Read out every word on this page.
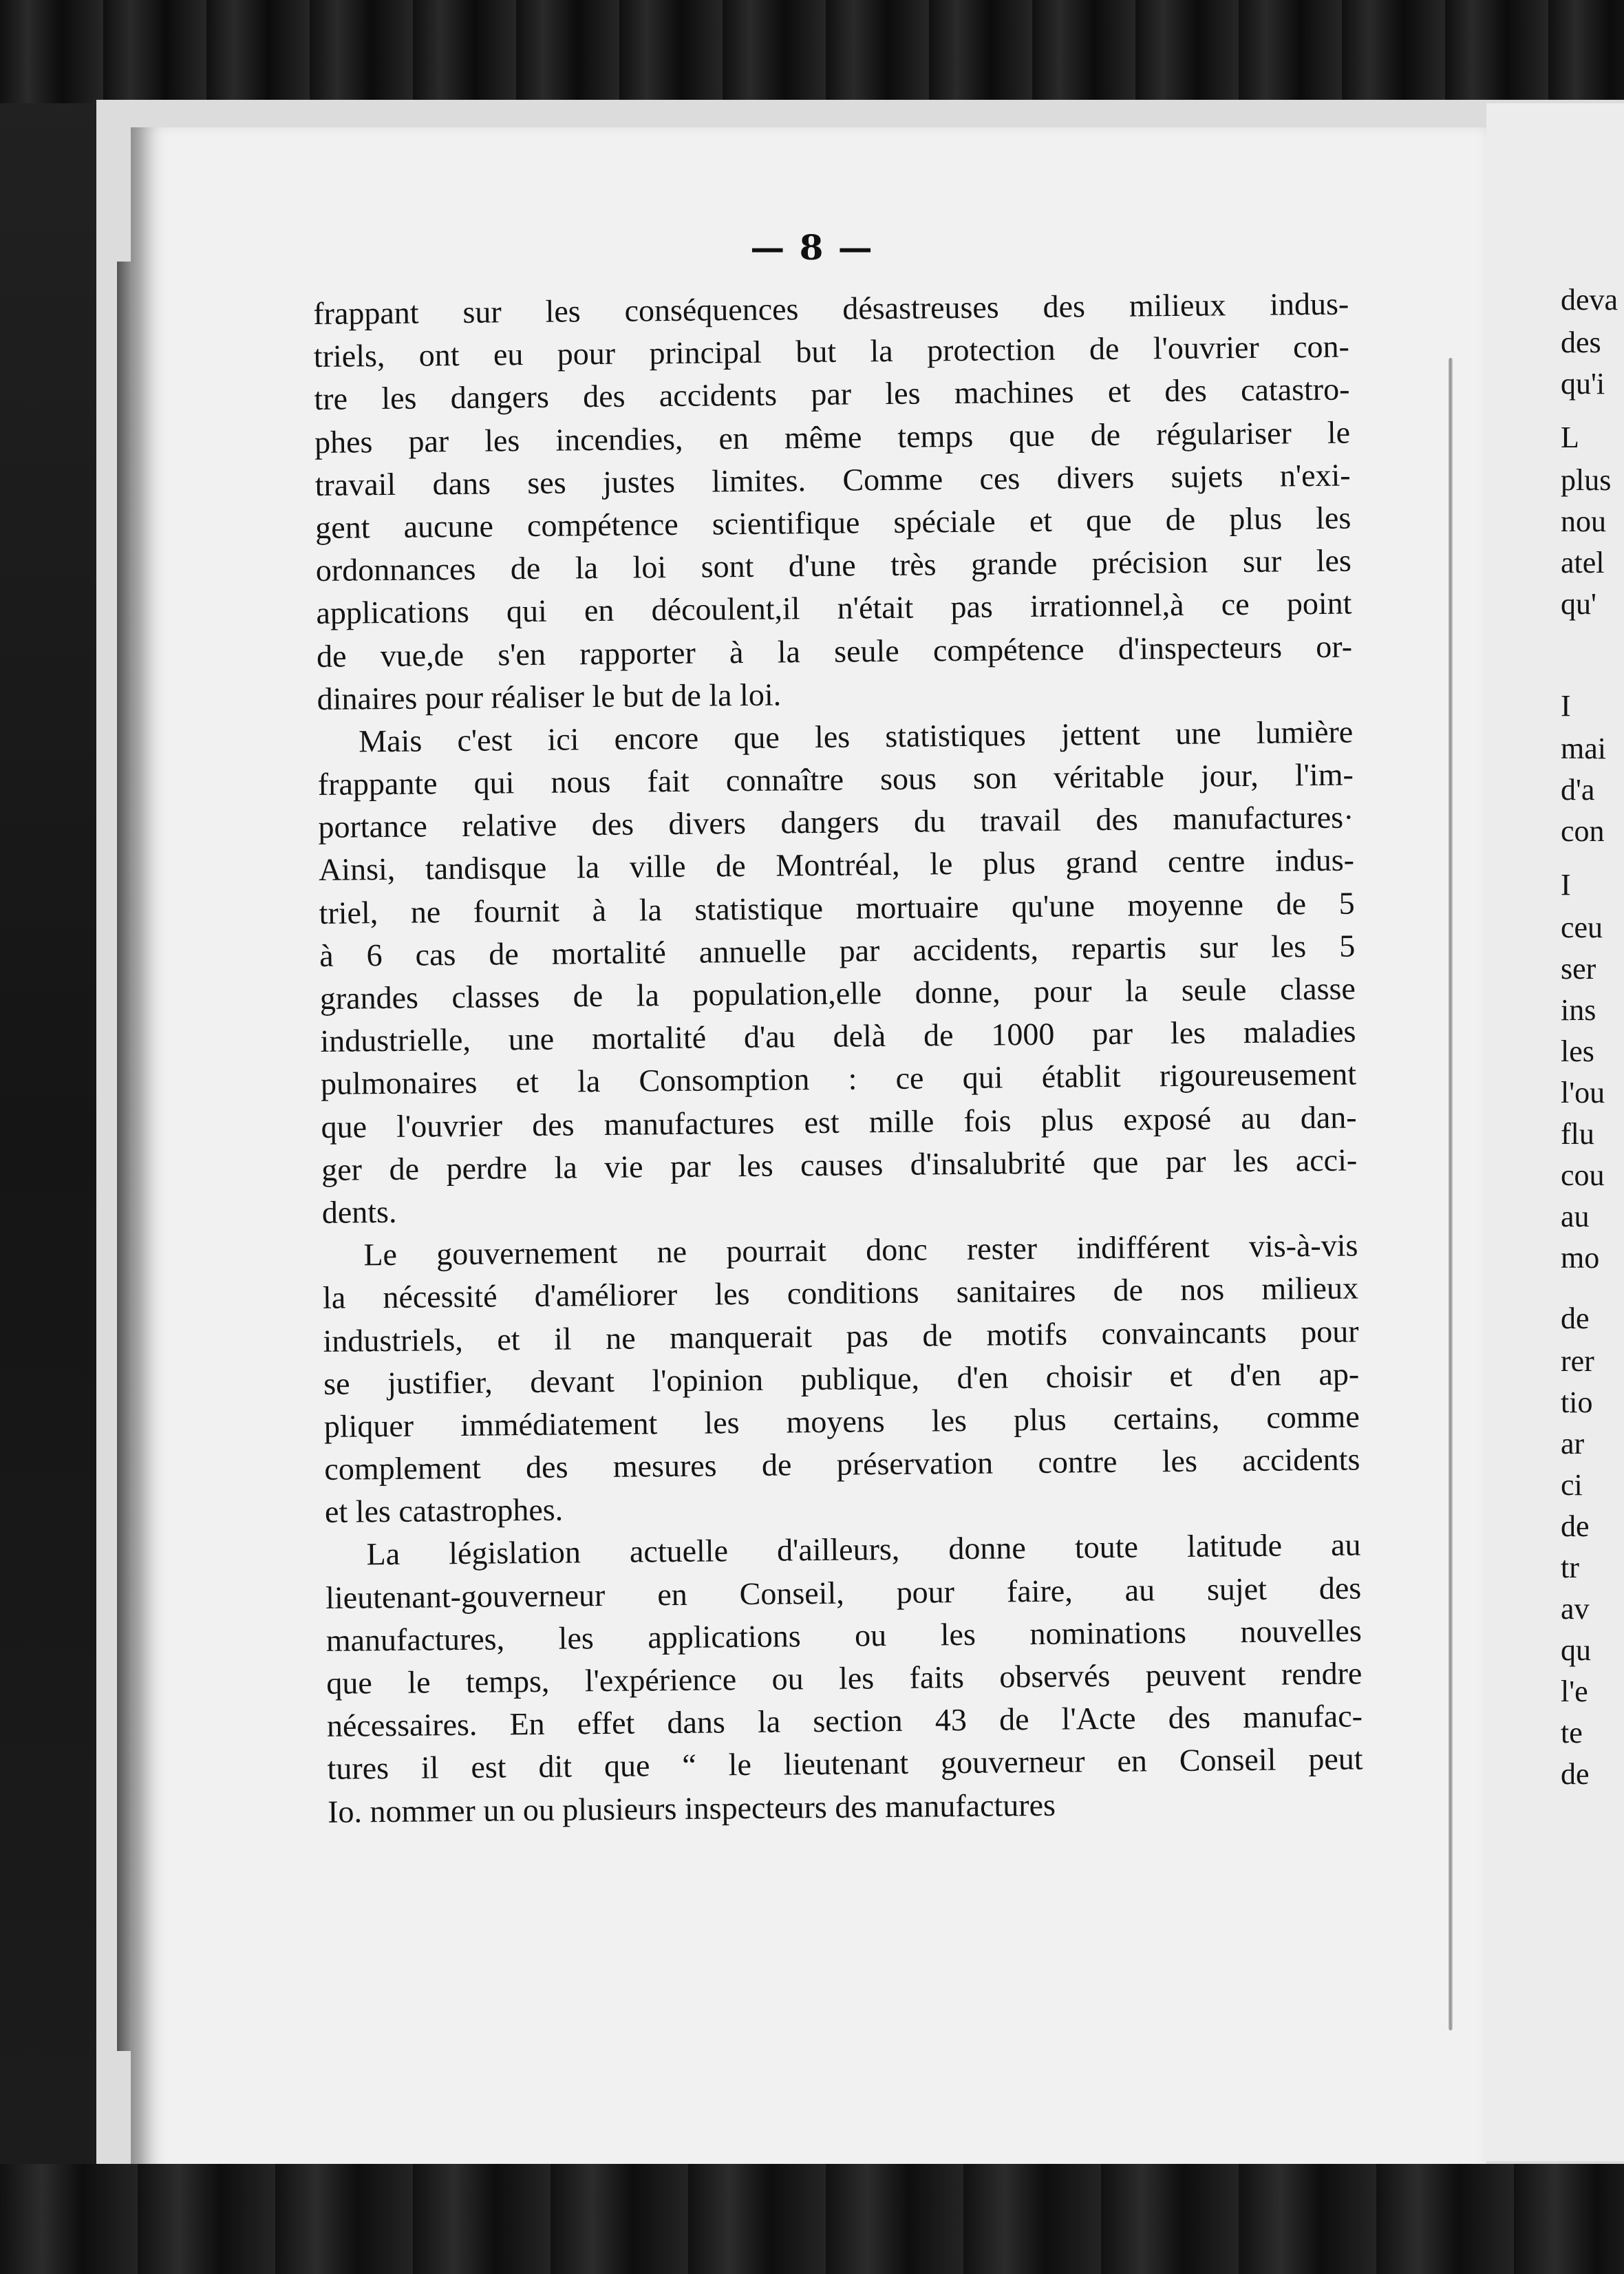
— 8 —
frappant sur les conséquences désastreuses des milieux indus-
triels, ont eu pour principal but la protection de l'ouvrier con-
tre les dangers des accidents par les machines et des catastro-
phes par les incendies, en même temps que de régulariser le
travail dans ses justes limites. Comme ces divers sujets n'exi-
gent aucune compétence scientifique spéciale et que de plus les
ordonnances de la loi sont d'une très grande précision sur les
applications qui en découlent,il n'était pas irrationnel,à ce point
de vue,de s'en rapporter à la seule compétence d'inspecteurs or-
dinaires pour réaliser le but de la loi.
Mais c'est ici encore que les statistiques jettent une lumière
frappante qui nous fait connaître sous son véritable jour, l'im-
portance relative des divers dangers du travail des manufactures·
Ainsi, tandisque la ville de Montréal, le plus grand centre indus-
triel, ne fournit à la statistique mortuaire qu'une moyenne de 5
à 6 cas de mortalité annuelle par accidents, repartis sur les 5
grandes classes de la population,elle donne, pour la seule classe
industrielle, une mortalité d'au delà de 1000 par les maladies
pulmonaires et la Consomption : ce qui établit rigoureusement
que l'ouvrier des manufactures est mille fois plus exposé au dan-
ger de perdre la vie par les causes d'insalubrité que par les acci-
dents.
Le gouvernement ne pourrait donc rester indifférent vis-à-vis
la nécessité d'améliorer les conditions sanitaires de nos milieux
industriels, et il ne manquerait pas de motifs convaincants pour
se justifier, devant l'opinion publique, d'en choisir et d'en ap-
pliquer immédiatement les moyens les plus certains, comme
complement des mesures de préservation contre les accidents
et les catastrophes.
La législation actuelle d'ailleurs, donne toute latitude au
lieutenant-gouverneur en Conseil, pour faire, au sujet des
manufactures, les applications ou les nominations nouvelles
que le temps, l'expérience ou les faits observés peuvent rendre
nécessaires. En effet dans la section 43 de l'Acte des manufac-
tures il est dit que “ le lieutenant gouverneur en Conseil peut
Io. nommer un ou plusieurs inspecteurs des manufactures
deva
des
qu'i
L
plus
nou
atel
qu'
I
mai
d'a
con
I
ceu
ser
ins
les
l'ou
flu
cou
au
mo
de
rer
tio
ar
ci
de
tr
av
qu
l'e
te
de
